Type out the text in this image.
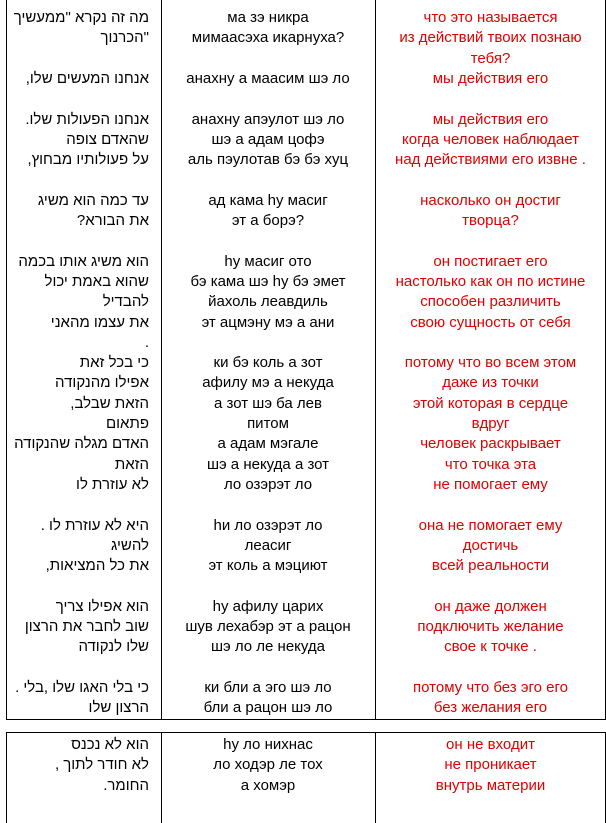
מה זה נקרא "ממעשיך	ма зэ никра	что это называется
"הכרנוך	мимаасэха икарнуха?	из действий твоих познаю
тебя?
אנחנו המעשים שלו,	анахну а маасим шэ ло	мы действия его
אנחנו הפעולות שלו.	анахну апэулот шэ ло	мы действия его
שהאדם צופה	шэ а адам цофэ	когда человек наблюдает
על פעולותיו מבחוץ,	аль пэулотав бэ бэ хуц	над действиями его извне .
עד כמה הוא משיג	ад кама hу масиг	насколько он достиг
את הבורא?	эт а борэ?	творца?
הוא משיג אותו בכמה	hу масиг ото	он постигает его
שהוא באמת יכול	бэ кама шэ hу бэ эмет	настолько как он по истине
להבדיל	йахоль леавдиль	способен различить
את עצמו מהאני	эт ацмэну мэ а ани	свою сущность от себя
.
כי בכל זאת	ки бэ коль а зот	потому что во всем этом
אפילו מהנקודה	афилу мэ а некуда	даже из точки
הזאת שבלב,	а зот шэ ба лев	этой которая в сердце
פתאום	питом	вдруг
האדם מגלה שהנקודה	а адам мэгале	человек раскрывает
הזאת	шэ а некуда а зот	что точка эта
לא עוזרת לו	ло озэрэт ло	не помогает ему
היא לא עוזרת לו .	hи ло озэрэт ло	она не помогает ему
להשיג	леасиг	достичь
את כל המציאות,	эт коль а мэциют	всей реальности
הוא אפילו צריך	hу афилу царих	он даже должен
שוב לחבר את הרצון	шув лехабэр эт а рацон	подключить желание
שלו לנקודה	шэ ло ле некуда	свое к точке .
כי בלי האגו שלו ,בלי .	ки бли а эго шэ ло	потому что без эго его
הרצון שלו	бли а рацон шэ ло	без желания его
הוא לא נכנס	hу ло нихнас	он не входит
לא חודר לתוך ,	ло ходэр ле тох	не проникает
החומר.	а хомэр	внутрь материи
